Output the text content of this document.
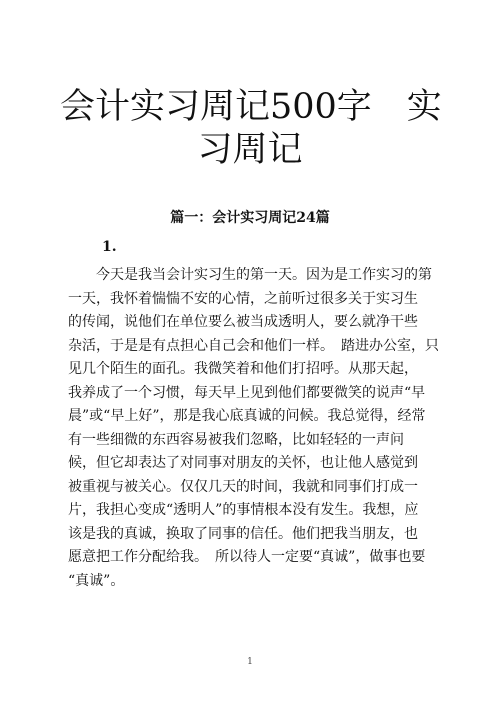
会计实习周记500字　实
习周记

篇一：会计实习周记24篇

1.
今天是我当会计实习生的第一天。因为是工作实习的第
一天，我怀着惴惴不安的心情，之前听过很多关于实习生
的传闻，说他们在单位要么被当成透明人，要么就净干些
杂活，于是是有点担心自己会和他们一样。　踏进办公室，只
见几个陌生的面孔。我微笑着和他们打招呼。从那天起，
我养成了一个习惯，每天早上见到他们都要微笑的说声“早
晨”或“早上好”，那是我心底真诚的问候。我总觉得，经常
有一些细微的东西容易被我们忽略，比如轻轻的一声问
候，但它却表达了对同事对朋友的关怀，也让他人感觉到
被重视与被关心。仅仅几天的时间，我就和同事们打成一
片，我担心变成“透明人”的事情根本没有发生。我想，应
该是我的真诚，换取了同事的信任。他们把我当朋友，也
愿意把工作分配给我。　所以待人一定要“真诚”，做事也要
“真诚”。
1
